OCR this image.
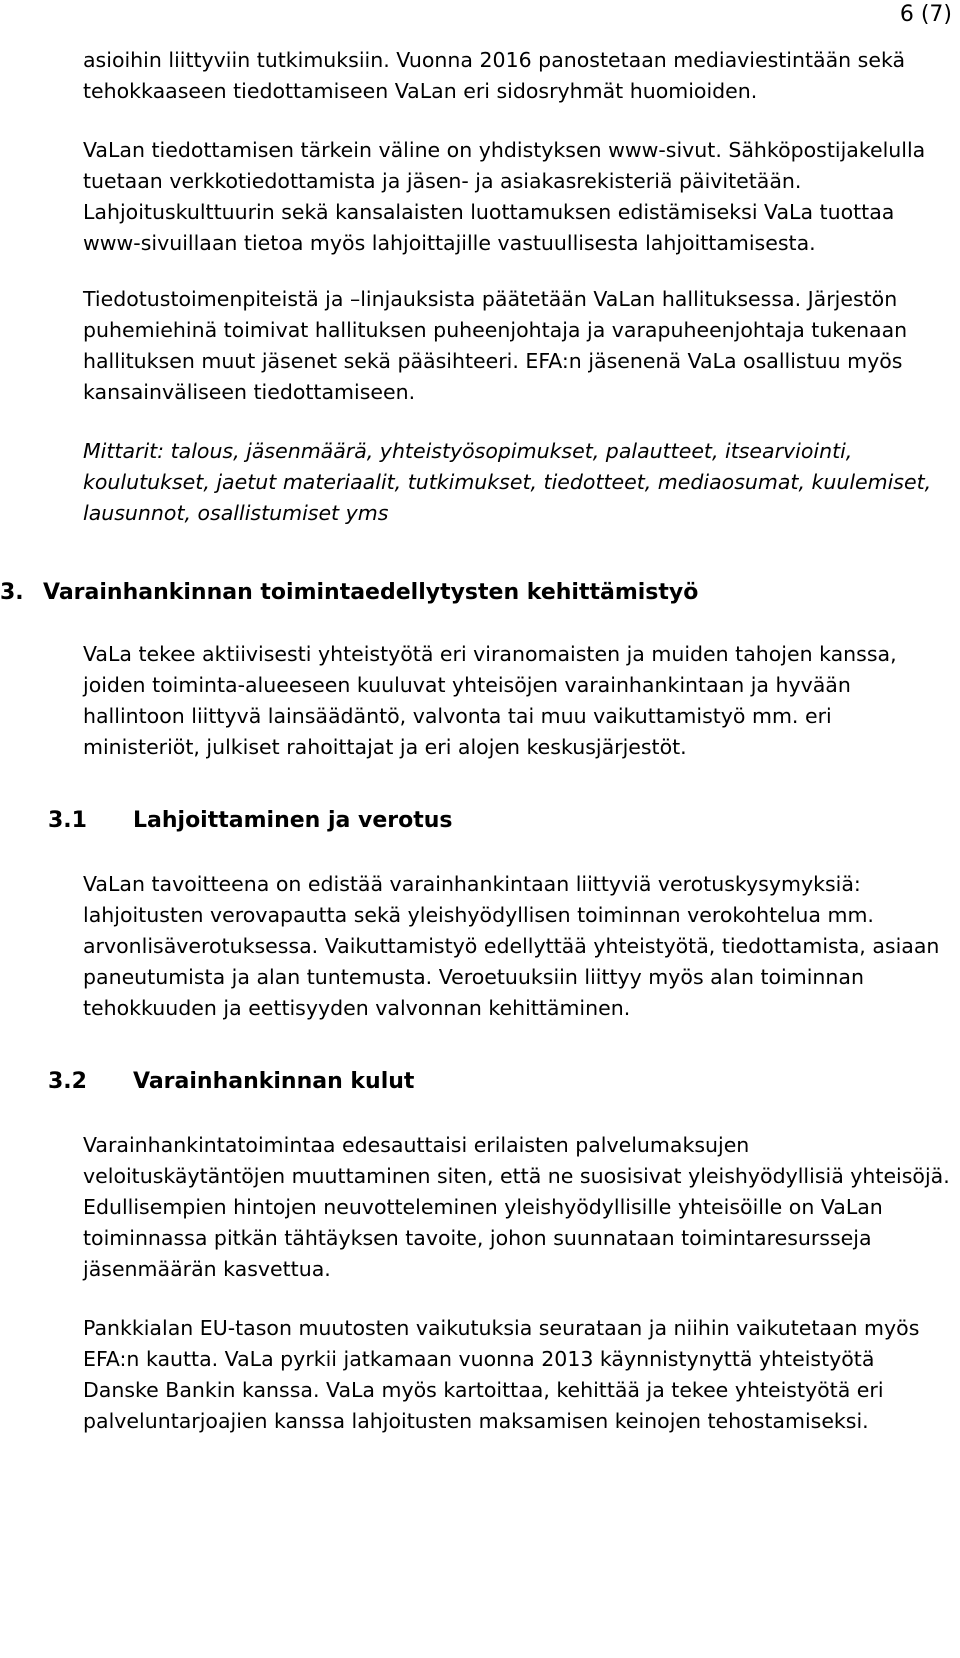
6 (7)

asioihin liittyviin tutkimuksiin. Vuonna 2016 panostetaan mediaviestintään sekä tehokkaaseen tiedottamiseen VaLan eri sidosryhmät huomioiden.

VaLan tiedottamisen tärkein väline on yhdistyksen www-sivut. Sähköpostijakelulla tuetaan verkkotiedottamista ja jäsen- ja asiakasrekisteriä päivitetään. Lahjoituskulttuurin sekä kansalaisten luottamuksen edistämiseksi VaLa tuottaa www-sivuillaan tietoa myös lahjoittajille vastuullisesta lahjoittamisesta.

Tiedotustoimenpiteistä ja –linjauksista päätetään VaLan hallituksessa. Järjestön puhemiehinä toimivat hallituksen puheenjohtaja ja varapuheenjohtaja tukenaan hallituksen muut jäsenet sekä pääsihteeri. EFA:n jäsenenä VaLa osallistuu myös kansainväliseen tiedottamiseen.

Mittarit: talous, jäsenmäärä, yhteistyösopimukset, palautteet, itsearviointi, koulutukset, jaetut materiaalit, tutkimukset, tiedotteet, mediaosumat, kuulemiset, lausunnot, osallistumiset yms

3. Varainhankinnan toimintaedellytysten kehittämistyö

VaLa tekee aktiivisesti yhteistyötä eri viranomaisten ja muiden tahojen kanssa, joiden toiminta-alueeseen kuuluvat yhteisöjen varainhankintaan ja hyvään hallintoon liittyvä lainsäädäntö, valvonta tai muu vaikuttamistyö mm. eri ministeriöt, julkiset rahoittajat ja eri alojen keskusjärjestöt.

3.1 Lahjoittaminen ja verotus

VaLan tavoitteena on edistää varainhankintaan liittyviä verotuskysymyksiä: lahjoitusten verovapautta sekä yleishyödyllisen toiminnan verokohtelua mm. arvonlisäverotuksessa. Vaikuttamistyö edellyttää yhteistyötä, tiedottamista, asiaan paneutumista ja alan tuntemusta. Veroetuuksiin liittyy myös alan toiminnan tehokkuuden ja eettisyyden valvonnan kehittäminen.

3.2 Varainhankinnan kulut

Varainhankintatoimintaa edesauttaisi erilaisten palvelumaksujen veloituskäytäntöjen muuttaminen siten, että ne suosisivat yleishyödyllisiä yhteisöjä. Edullisempien hintojen neuvotteleminen yleishyödyllisille yhteisöille on VaLan toiminnassa pitkän tähtäyksen tavoite, johon suunnataan toimintaresursseja jäsenmäärän kasvettua.

Pankkialan EU-tason muutosten vaikutuksia seurataan ja niihin vaikutetaan myös EFA:n kautta. VaLa pyrkii jatkamaan vuonna 2013 käynnistynyttä yhteistyötä Danske Bankin kanssa. VaLa myös kartoittaa, kehittää ja tekee yhteistyötä eri palveluntarjoajien kanssa lahjoitusten maksamisen keinojen tehostamiseksi.
